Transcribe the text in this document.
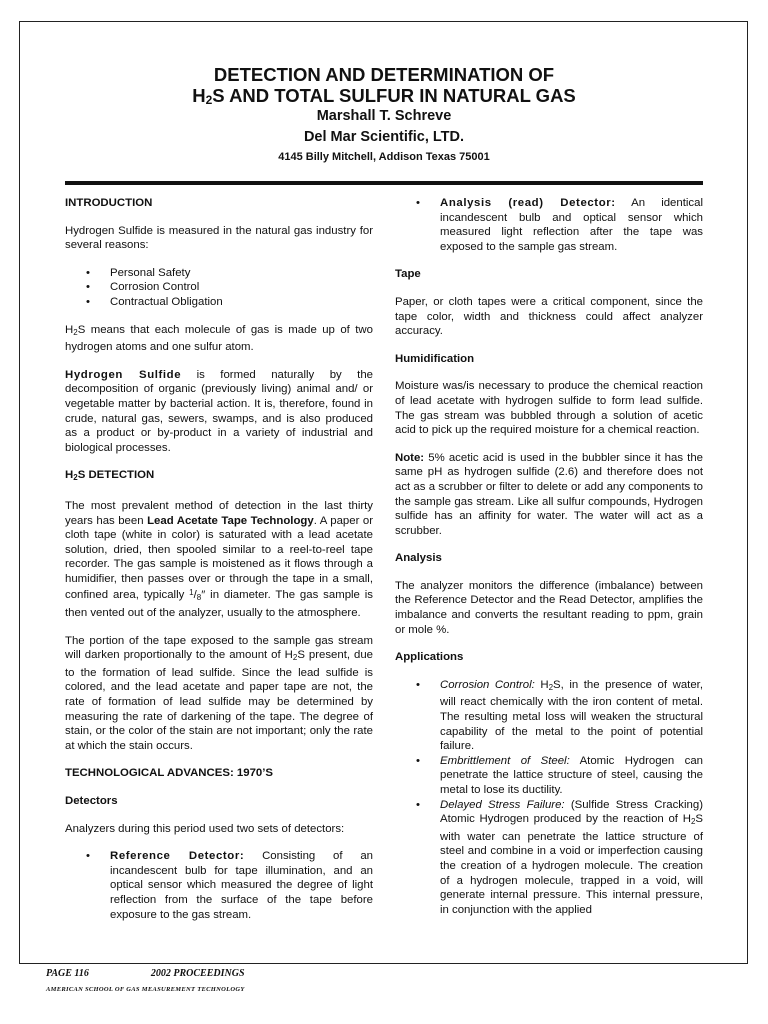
DETECTION AND DETERMINATION OF
$H_2S$ AND TOTAL SULFUR IN NATURAL GAS
Marshall T. Schreve
Del Mar Scientific, LTD.
4145 Billy Mitchell, Addison Texas 75001
INTRODUCTION

Hydrogen Sulfide is measured in the natural gas industry for several reasons:

• Personal Safety
• Corrosion Control
• Contractual Obligation

$H_2S$ means that each molecule of gas is made up of two hydrogen atoms and one sulfur atom.

Hydrogen Sulfide is formed naturally by the decomposition of organic (previously living) animal and/ or vegetable matter by bacterial action. It is, therefore, found in crude, natural gas, sewers, swamps, and is also produced as a product or by-product in a variety of industrial and biological processes.

$H_2S$ DETECTION

The most prevalent method of detection in the last thirty years has been Lead Acetate Tape Technology. A paper or cloth tape (white in color) is saturated with a lead acetate solution, dried, then spooled similar to a reel-to-reel tape recorder. The gas sample is moistened as it flows through a humidifier, then passes over or through the tape in a small, confined area, typically $^1/_8''$ in diameter. The gas sample is then vented out of the analyzer, usually to the atmosphere.

The portion of the tape exposed to the sample gas stream will darken proportionally to the amount of $H_2S$ present, due to the formation of lead sulfide. Since the lead sulfide is colored, and the lead acetate and paper tape are not, the rate of formation of lead sulfide may be determined by measuring the rate of darkening of the tape. The degree of stain, or the color of the stain are not important; only the rate at which the stain occurs.

TECHNOLOGICAL ADVANCES: 1970’S
Detectors

Analyzers during this period used two sets of detectors:

• Reference Detector: Consisting of an incandescent bulb for tape illumination, and an optical sensor which measured the degree of light reflection from the surface of the tape before exposure to the gas stream.
• Analysis (read) Detector: An identical incandescent bulb and optical sensor which measured light reflection after the tape was exposed to the sample gas stream.
Tape

Paper, or cloth tapes were a critical component, since the tape color, width and thickness could affect analyzer accuracy.

Humidification

Moisture was/is necessary to produce the chemical reaction of lead acetate with hydrogen sulfide to form lead sulfide. The gas stream was bubbled through a solution of acetic acid to pick up the required moisture for a chemical reaction.

Note: 5% acetic acid is used in the bubbler since it has the same pH as hydrogen sulfide (2.6) and therefore does not act as a scrubber or filter to delete or add any components to the sample gas stream. Like all sulfur compounds, Hydrogen sulfide has an affinity for water. The water will act as a scrubber.

Analysis

The analyzer monitors the difference (imbalance) between the Reference Detector and the Read Detector, amplifies the imbalance and converts the resultant reading to ppm, grain or mole %.

Applications
• Corrosion Control: $H_2S$, in the presence of water, will react chemically with the iron content of metal. The resulting metal loss will weaken the structural capability of the metal to the point of potential failure.
• Embrittlement of Steel: Atomic Hydrogen can penetrate the lattice structure of steel, causing the metal to lose its ductility.
• Delayed Stress Failure: (Sulfide Stress Cracking) Atomic Hydrogen produced by the reaction of $H_2S$ with water can penetrate the lattice structure of steel and combine in a void or imperfection causing the creation of a hydrogen molecule. The creation of a hydrogen molecule, trapped in a void, will generate internal pressure. This internal pressure, in conjunction with the applied
PAGE 116	2002 PROCEEDINGS
AMERICAN SCHOOL OF GAS MEASUREMENT TECHNOLOGY
